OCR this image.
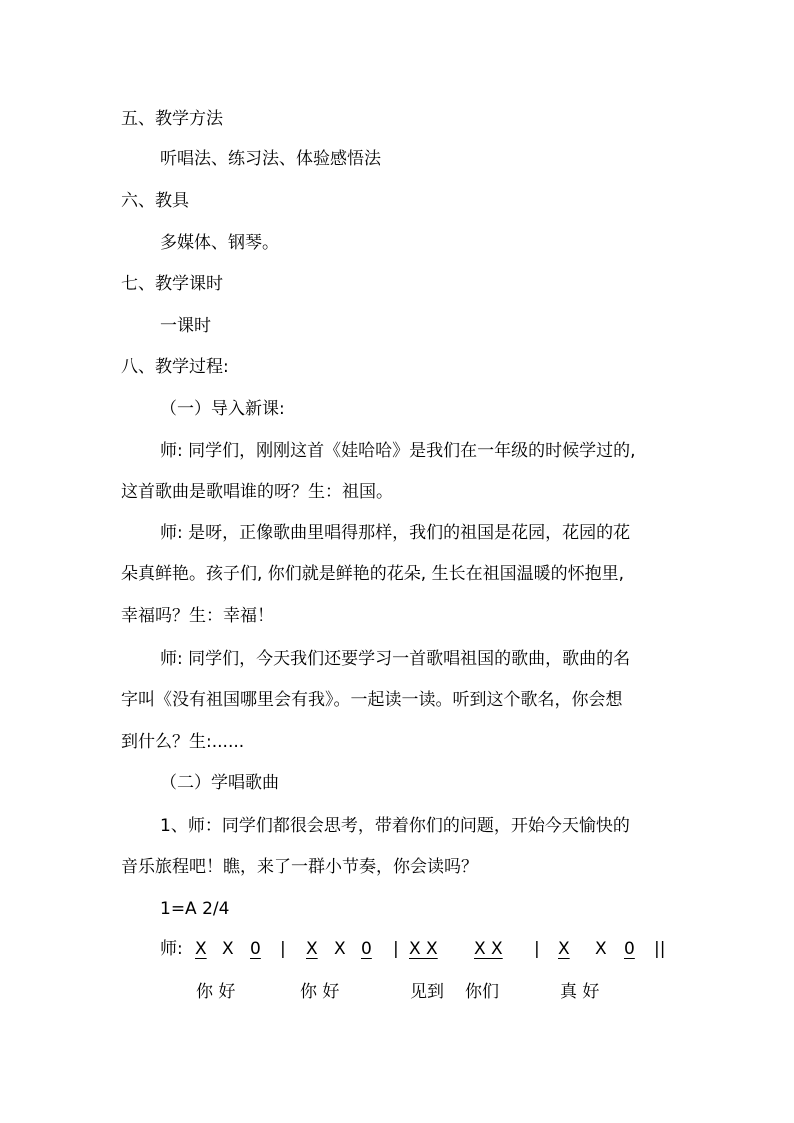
五、教学方法
听唱法、练习法、体验感悟法
六、教具
多媒体、钢琴。
七、教学课时
一课时
八、教学过程:
（一）导入新课:
师: 同学们，刚刚这首《娃哈哈》是我们在一年级的时候学过的,
这首歌曲是歌唱谁的呀？生：祖国。
师: 是呀，正像歌曲里唱得那样，我们的祖国是花园，花园的花
朵真鲜艳。孩子们, 你们就是鲜艳的花朵, 生长在祖国温暖的怀抱里,
幸福吗？生：幸福！
师: 同学们，今天我们还要学习一首歌唱祖国的歌曲，歌曲的名
字叫《没有祖国哪里会有我》。一起读一读。听到这个歌名，你会想
到什么？生:......
（二）学唱歌曲
1、师：同学们都很会思考，带着你们的问题，开始今天愉快的
音乐旅程吧！瞧，来了一群小节奏，你会读吗？
1=A 2/4
师: X X 0 | X X 0 | X X X X | X X 0 ||
你 好	你 好	见到 你们	真 好
